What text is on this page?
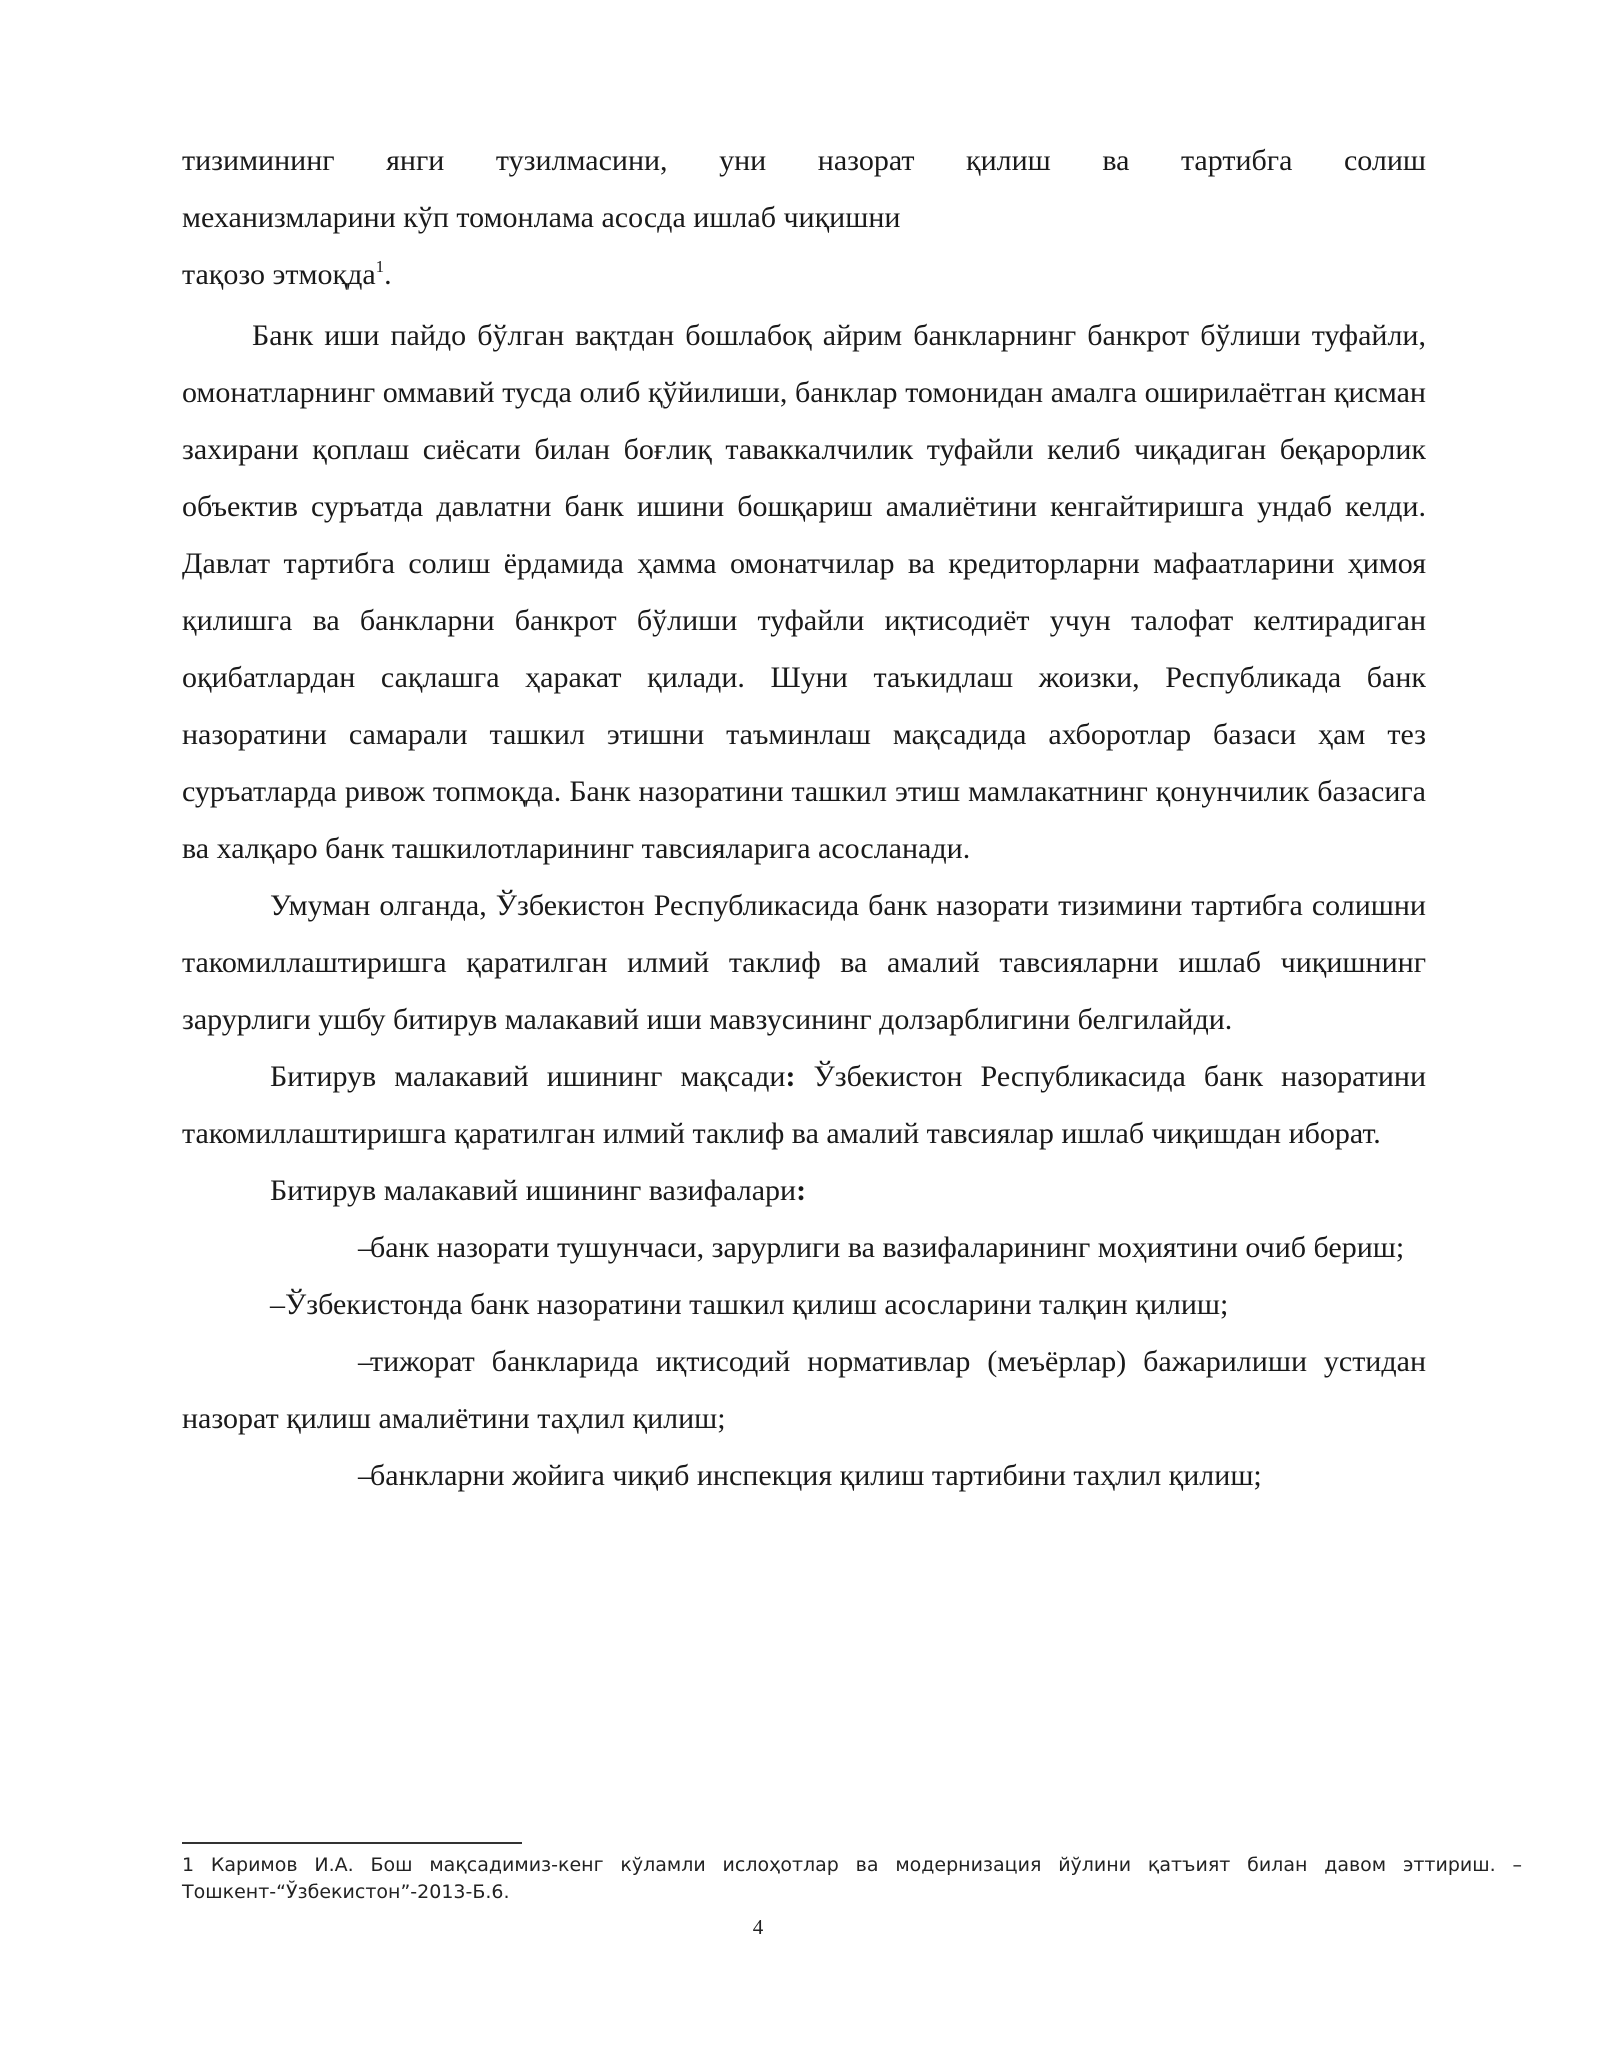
тизимининг янги тузилмасини, уни назорат қилиш ва тартибга солиш

механизмларини кўп томонлама асосда ишлаб чиқишни

тақозо этмоқда$^1$.

Банк иши пайдо бўлган вақтдан бошлабоқ айрим банкларнинг банкрот бўлиши туфайли, омонатларнинг оммавий тусда олиб қўйилиши, банклар томонидан амалга оширилаётган қисман захирани қоплаш сиёсати билан боғлиқ таваккалчилик туфайли келиб чиқадиган беқарорлик объектив суръатда давлатни банк ишини бошқариш амалиётини кенгайтиришга ундаб келди. Давлат тартибга солиш ёрдамида ҳамма омонатчилар ва кредиторларни мафаатларини ҳимоя қилишга ва банкларни банкрот бўлиши туфайли иқтисодиёт учун талофат келтирадиган оқибатлардан сақлашга ҳаракат қилади. Шуни таъкидлаш жоизки, Республикада банк назоратини самарали ташкил этишни таъминлаш мақсадида ахборотлар базаси ҳам тез суръатларда ривож топмоқда. Банк назоратини ташкил этиш мамлакатнинг қонунчилик базасига ва халқаро банк ташкилотларининг тавсияларига асосланади.

Умуман олганда, Ўзбекистон Республикасида банк назорати тизимини тартибга солишни такомиллаштиришга қаратилган илмий таклиф ва амалий тавсияларни ишлаб чиқишнинг зарурлиги ушбу битирув малакавий иши мавзусининг долзарблигини белгилайди.

Битирув малакавий ишининг мақсади: Ўзбекистон Республикасида банк назоратини такомиллаштиришга қаратилган илмий таклиф ва амалий тавсиялар ишлаб чиқишдан иборат.

Битирув малакавий ишининг вазифалари:

–банк назорати тушунчаси, зарурлиги ва вазифаларининг моҳиятини очиб бериш;

–Ўзбекистонда банк назоратини ташкил қилиш асосларини талқин қилиш;

–тижорат банкларида иқтисодий нормативлар (меъёрлар) бажарилиши устидан назорат қилиш амалиётини таҳлил қилиш;

–банкларни жойига чиқиб инспекция қилиш тартибини таҳлил қилиш;

1 Каримов И.А. Бош мақсадимиз-кенг кўламли ислоҳотлар ва модернизация йўлини қатъият билан давом эттириш. – Тошкент-“Ўзбекистон”-2013-Б.6.
4
